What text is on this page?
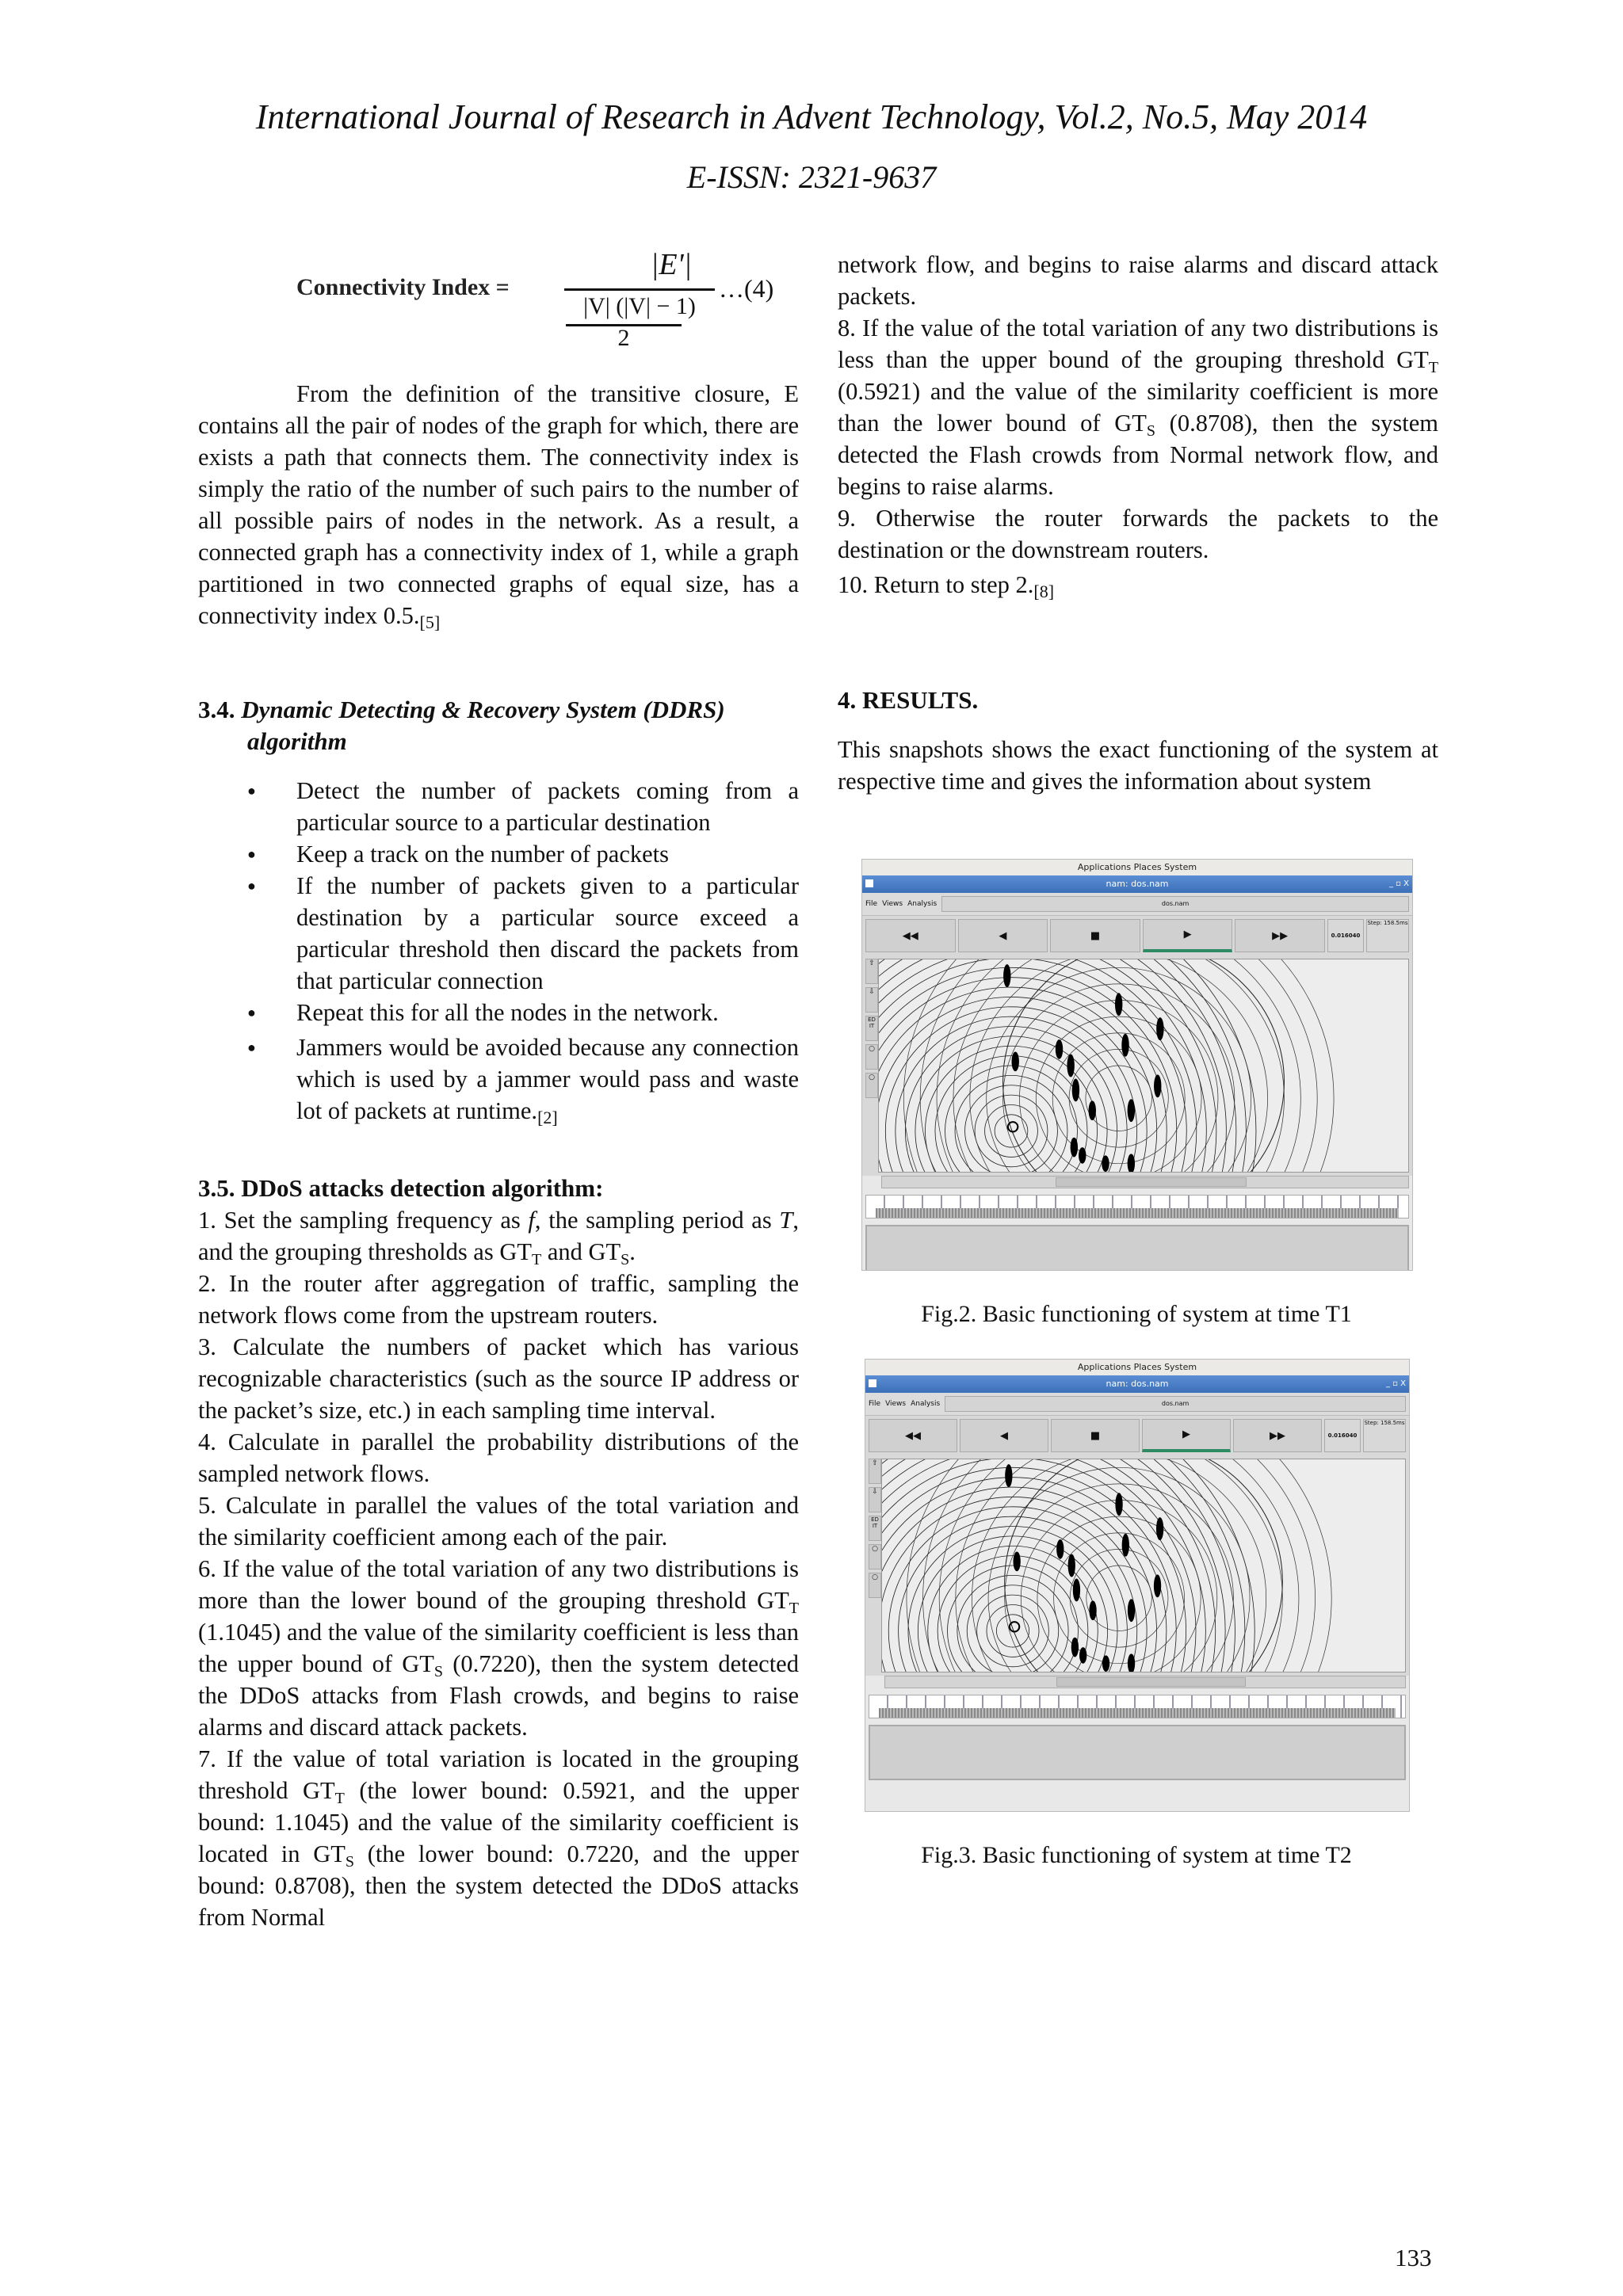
International Journal of Research in Advent Technology, Vol.2, No.5, May 2014
E-ISSN: 2321-9637
Connectivity Index =
|E'|
|V| (|V| − 1)
2
…(4)

From the definition of the transitive closure, E contains all the pair of nodes of the graph for which, there are exists a path that connects them. The connectivity index is simply the ratio of the number of such pairs to the number of all possible pairs of nodes in the network. As a result, a connected graph has a connectivity index of 1, while a graph partitioned in two connected graphs of equal size, has a connectivity index 0.5.[5]

3.4. Dynamic Detecting & Recovery System (DDRS) algorithm
● Detect the number of packets coming from a particular source to a particular destination
● Keep a track on the number of packets
● If the number of packets given to a particular destination by a particular source exceed a particular threshold then discard the packets from that particular connection
● Repeat this for all the nodes in the network.
● Jammers would be avoided because any connection which is used by a jammer would pass and waste lot of packets at runtime.[2]
3.5. DDoS attacks detection algorithm:

1. Set the sampling frequency as f, the sampling period as T, and the grouping thresholds as $GT_T$ and $GT_S$.

2. In the router after aggregation of traffic, sampling the network flows come from the upstream routers.

3. Calculate the numbers of packet which has various recognizable characteristics (such as the source IP address or the packet’s size, etc.) in each sampling time interval.

4. Calculate in parallel the probability distributions of the sampled network flows.

5. Calculate in parallel the values of the total variation and the similarity coefficient among each of the pair.

6. If the value of the total variation of any two distributions is more than the lower bound of the grouping threshold $GT_T$ (1.1045) and the value of the similarity coefficient is less than the upper bound of $GT_S$ (0.7220), then the system detected the DDoS attacks from Flash crowds, and begins to raise alarms and discard attack packets.

7. If the value of total variation is located in the grouping threshold $GT_T$ (the lower bound: 0.5921, and the upper bound: 1.1045) and the value of the similarity coefficient is located in $GT_S$ (the lower bound: 0.7220, and the upper bound: 0.8708), then the system detected the DDoS attacks from Normal

network flow, and begins to raise alarms and discard attack packets.

8. If the value of the total variation of any two distributions is less than the upper bound of the grouping threshold $GT_T$ (0.5921) and the value of the similarity coefficient is more than the lower bound of $GT_S$ (0.8708), then the system detected the Flash crowds from Normal network flow, and begins to raise alarms.

9. Otherwise the router forwards the packets to the destination or the downstream routers.

10. Return to step 2.[8]

4. RESULTS.

This snapshots shows the exact functioning of the system at respective time and gives the information about system

Applications Places System
nam: dos.nam	_ ▫ X
File Views Analysis	dos.nam
◀◀	◀	■	▶	▶▶	0.016040
Step: 158.5ms
⇧
⇩
ED IT
○
○
Fig.2. Basic functioning of system at time T1
Applications Places System
nam: dos.nam	_ ▫ X
File Views Analysis	dos.nam
◀◀	◀	■	▶	▶▶	0.016040
Step: 158.5ms
⇧
⇩
ED IT
○
○
Fig.3. Basic functioning of system at time T2
133
